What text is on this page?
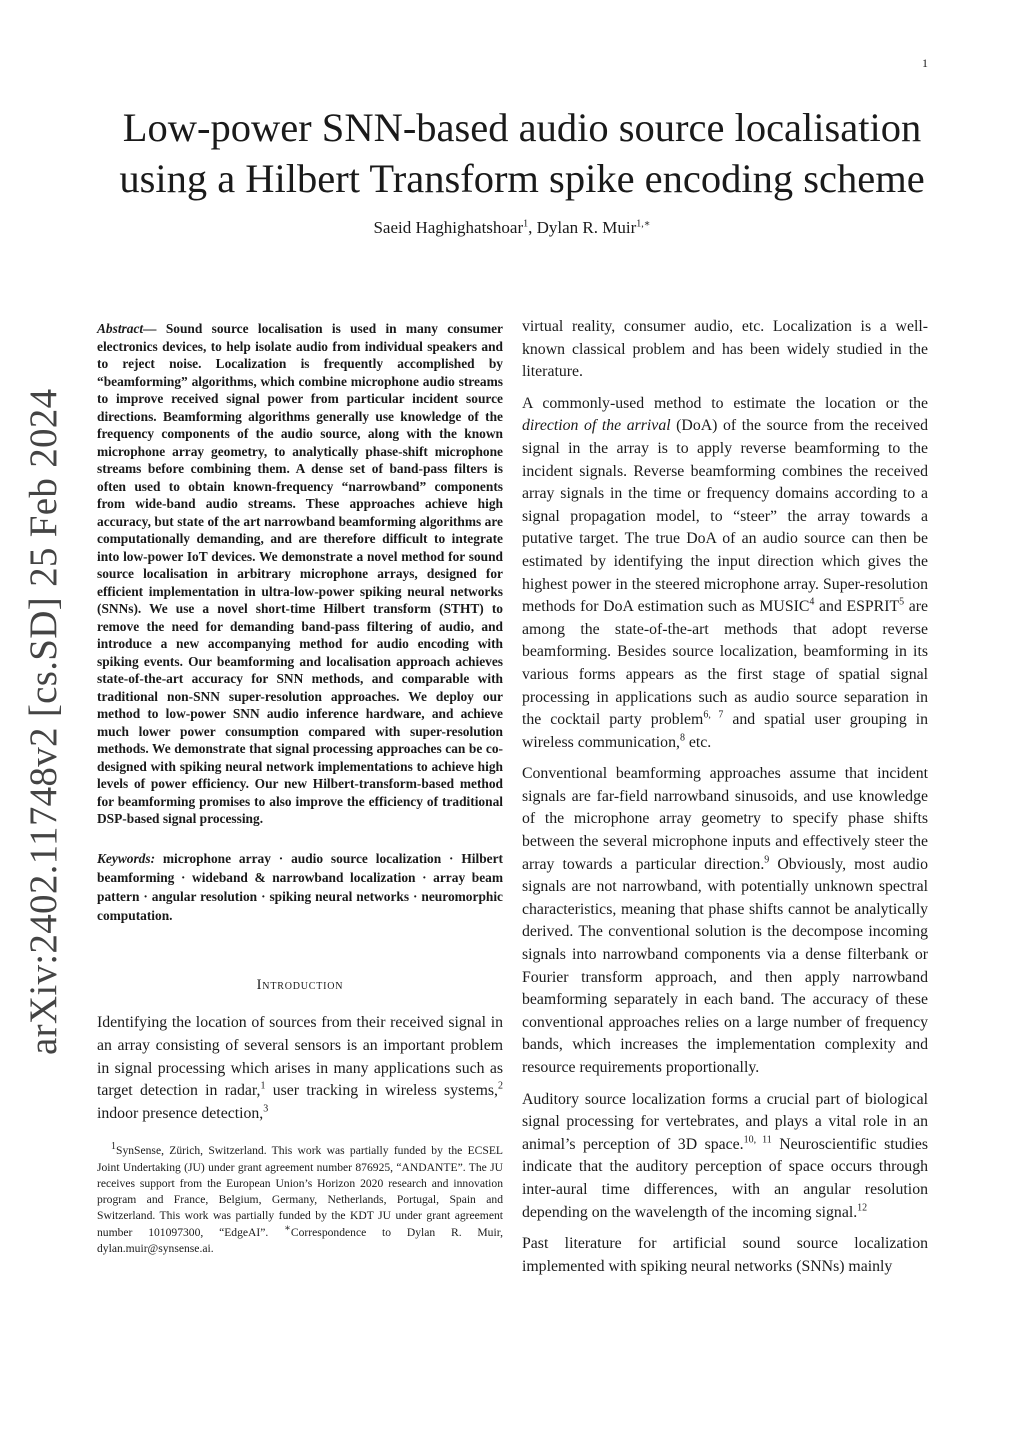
1
arXiv:2402.11748v2 [cs.SD] 25 Feb 2024
Low-power SNN-based audio source localisation
using a Hilbert Transform spike encoding scheme
Saeid Haghighatshoar$^1$, Dylan R. Muir$^{1,∗}$

Abstract— Sound source localisation is used in many consumer electronics devices, to help isolate audio from individual speakers and to reject noise. Localization is frequently accomplished by “beamforming” algorithms, which combine microphone audio streams to improve received signal power from particular incident source directions. Beamforming algorithms generally use knowledge of the frequency components of the audio source, along with the known microphone array geometry, to analytically phase-shift microphone streams before combining them. A dense set of band-pass filters is often used to obtain known-frequency “narrowband” components from wide-band audio streams. These approaches achieve high accuracy, but state of the art narrowband beamforming algorithms are computationally demanding, and are therefore difficult to integrate into low-power IoT devices. We demonstrate a novel method for sound source localisation in arbitrary microphone arrays, designed for efficient implementation in ultra-low-power spiking neural networks (SNNs). We use a novel short-time Hilbert transform (STHT) to remove the need for demanding band-pass filtering of audio, and introduce a new accompanying method for audio encoding with spiking events. Our beamforming and localisation approach achieves state-of-the-art accuracy for SNN methods, and comparable with traditional non-SNN super-resolution approaches. We deploy our method to low-power SNN audio inference hardware, and achieve much lower power consumption compared with super-resolution methods. We demonstrate that signal processing approaches can be co-designed with spiking neural network implementations to achieve high levels of power efficiency. Our new Hilbert-transform-based method for beamforming promises to also improve the efficiency of traditional DSP-based signal processing.

Keywords: microphone array · audio source localization · Hilbert beamforming · wideband & narrowband localization · array beam pattern · angular resolution · spiking neural networks · neuromorphic computation.

Introduction

Identifying the location of sources from their received signal in an array consisting of several sensors is an important problem in signal processing which arises in many applications such as target detection in radar,$^1$ user tracking in wireless systems,$^2$ indoor presence detection,$^3$

$^1$SynSense, Zürich, Switzerland. This work was partially funded by the ECSEL Joint Undertaking (JU) under grant agreement number 876925, “ANDANTE”. The JU receives support from the European Union’s Horizon 2020 research and innovation program and France, Belgium, Germany, Netherlands, Portugal, Spain and Switzerland. This work was partially funded by the KDT JU under grant agreement number 101097300, “EdgeAI”. ∗Correspondence to Dylan R. Muir, dylan.muir@synsense.ai.

virtual reality, consumer audio, etc. Localization is a well-known classical problem and has been widely studied in the literature.

A commonly-used method to estimate the location or the direction of the arrival (DoA) of the source from the received signal in the array is to apply reverse beamforming to the incident signals. Reverse beamforming combines the received array signals in the time or frequency domains according to a signal propagation model, to “steer” the array towards a putative target. The true DoA of an audio source can then be estimated by identifying the input direction which gives the highest power in the steered microphone array. Super-resolution methods for DoA estimation such as MUSIC$^4$ and ESPRIT$^5$ are among the state-of-the-art methods that adopt reverse beamforming. Besides source localization, beamforming in its various forms appears as the first stage of spatial signal processing in applications such as audio source separation in the cocktail party problem$^{6, 7}$ and spatial user grouping in wireless communication,$^8$ etc.

Conventional beamforming approaches assume that incident signals are far-field narrowband sinusoids, and use knowledge of the microphone array geometry to specify phase shifts between the several microphone inputs and effectively steer the array towards a particular direction.$^9$ Obviously, most audio signals are not narrowband, with potentially unknown spectral characteristics, meaning that phase shifts cannot be analytically derived. The conventional solution is the decompose incoming signals into narrowband components via a dense filterbank or Fourier transform approach, and then apply narrowband beamforming separately in each band. The accuracy of these conventional approaches relies on a large number of frequency bands, which increases the implementation complexity and resource requirements proportionally.

Auditory source localization forms a crucial part of biological signal processing for vertebrates, and plays a vital role in an animal’s perception of 3D space.$^{10, 11}$ Neuroscientific studies indicate that the auditory perception of space occurs through inter-aural time differences, with an angular resolution depending on the wavelength of the incoming signal.$^{12}$

Past literature for artificial sound source localization implemented with spiking neural networks (SNNs) mainly
